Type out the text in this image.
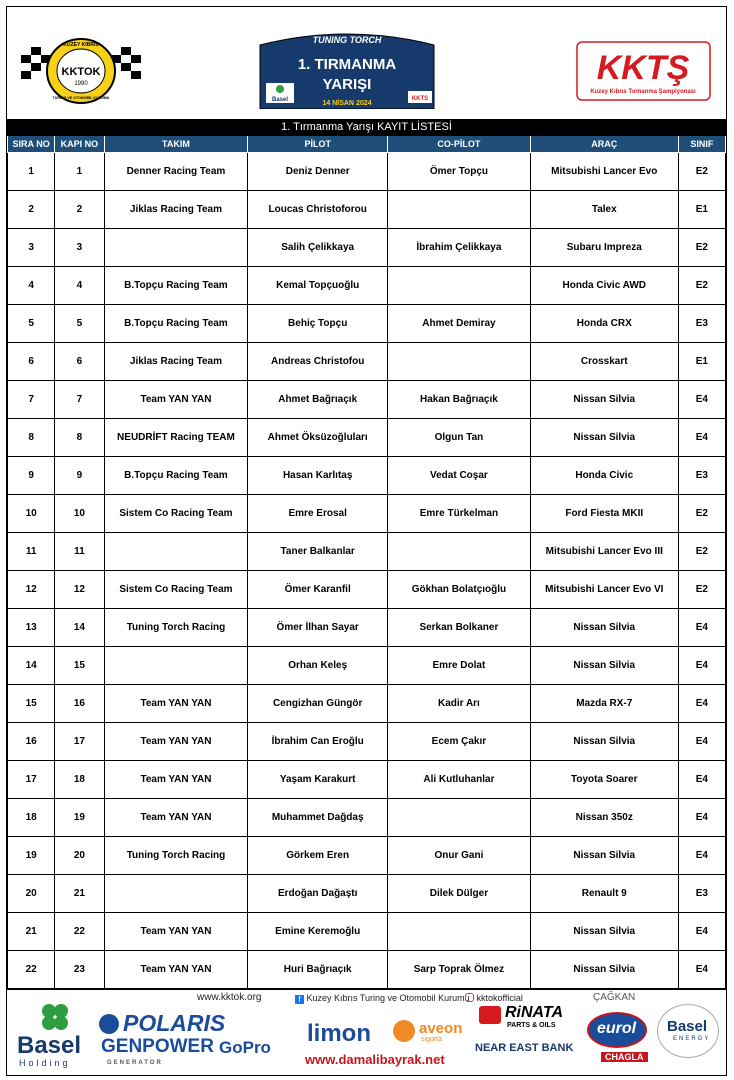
KUZEY KIBRIS
KKTOK
1990
TURİNG VE OTOMOBİL KURUMU
TUNING TORCH
1. TIRMANMA
YARIŞI
14 NİSAN 2024
Basel	KKTS
KKTŞ
Kuzey Kıbrıs Tırmanma Şampiyonası
1. Tırmanma Yarışı KAYIT LİSTESİ
SIRA NO	KAPI NO	TAKIM	PİLOT	CO-PİLOT	ARAÇ	SINIF
1	1	Denner Racing Team	Deniz Denner	Ömer Topçu	Mitsubishi Lancer Evo	E2
2	2	Jiklas Racing Team	Loucas Christoforou		Talex	E1
3	3		Salih Çelikkaya	İbrahim Çelikkaya	Subaru Impreza	E2
4	4	B.Topçu Racing Team	Kemal Topçuoğlu		Honda Civic AWD	E2
5	5	B.Topçu Racing Team	Behiç Topçu	Ahmet Demiray	Honda CRX	E3
6	6	Jiklas Racing Team	Andreas Christofou		Crosskart	E1
7	7	Team YAN YAN	Ahmet Bağrıaçık	Hakan Bağrıaçık	Nissan Silvia	E4
8	8	NEUDRİFT Racing TEAM	Ahmet Öksüzoğluları	Olgun Tan	Nissan Silvia	E4
9	9	B.Topçu Racing Team	Hasan Karlıtaş	Vedat Coşar	Honda Civic	E3
10	10	Sistem Co Racing Team	Emre Erosal	Emre Türkelman	Ford Fiesta MKII	E2
11	11		Taner Balkanlar		Mitsubishi Lancer Evo III	E2
12	12	Sistem Co Racing Team	Ömer Karanfil	Gökhan Bolatçıoğlu	Mitsubishi Lancer Evo VI	E2
13	14	Tuning Torch Racing	Ömer İlhan Sayar	Serkan Bolkaner	Nissan Silvia	E4
14	15		Orhan Keleş	Emre Dolat	Nissan Silvia	E4
15	16	Team YAN YAN	Cengizhan Güngör	Kadir Arı	Mazda RX-7	E4
16	17	Team YAN YAN	İbrahim Can Eroğlu	Ecem Çakır	Nissan Silvia	E4
17	18	Team YAN YAN	Yaşam Karakurt	Ali Kutluhanlar	Toyota Soarer	E4
18	19	Team YAN YAN	Muhammet Dağdaş		Nissan 350z	E4
19	20	Tuning Torch Racing	Görkem Eren	Onur Gani	Nissan Silvia	E4
20	21		Erdoğan Dağaştı	Dilek Dülger	Renault 9	E3
21	22	Team YAN YAN	Emine Keremoğlu		Nissan Silvia	E4
22	23	Team YAN YAN	Huri Bağrıaçık	Sarp Toprak Ölmez	Nissan Silvia	E4
www.kktok.org	f Kuzey Kıbrıs Turing ve Otomobil Kurumu kktokofficial
Basel
Holding
POLARIS
GENPOWER
GENERATOR
GoPro
limon	aveon
sigorta
www.damalibayrak.net
RiNATA
PARTS & OILS
ÇAĞKAN
NEAR EAST BANK
eurol
CHAGLA
Basel
ENERGY
